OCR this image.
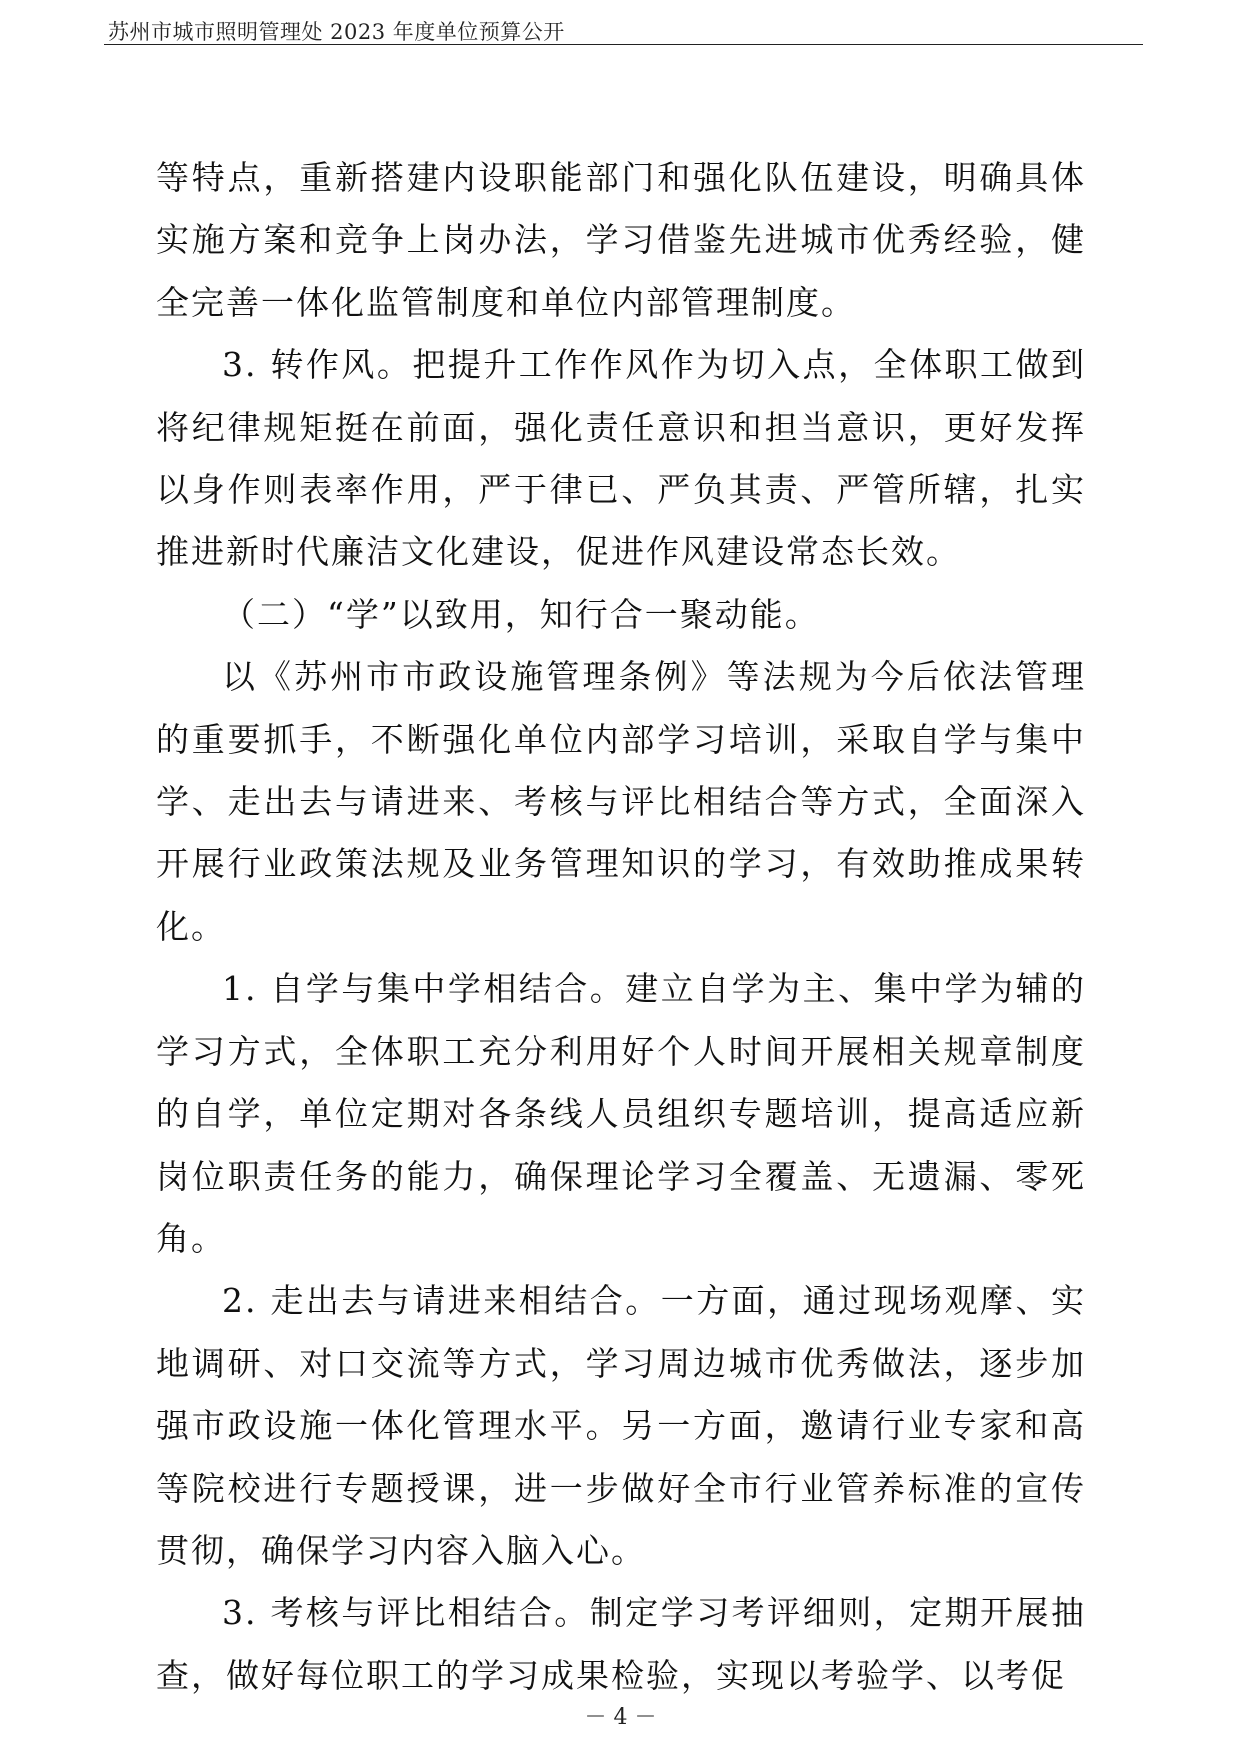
苏州市城市照明管理处 2023 年度单位预算公开

等特点，重新搭建内设职能部门和强化队伍建设，明确具体实施方案和竞争上岗办法，学习借鉴先进城市优秀经验，健全完善一体化监管制度和单位内部管理制度。

3. 转作风。把提升工作作风作为切入点，全体职工做到将纪律规矩挺在前面，强化责任意识和担当意识，更好发挥以身作则表率作用，严于律已、严负其责、严管所辖，扎实推进新时代廉洁文化建设，促进作风建设常态长效。

（二）“学”以致用，知行合一聚动能。

以《苏州市市政设施管理条例》等法规为今后依法管理的重要抓手，不断强化单位内部学习培训，采取自学与集中学、走出去与请进来、考核与评比相结合等方式，全面深入开展行业政策法规及业务管理知识的学习，有效助推成果转化。

1. 自学与集中学相结合。建立自学为主、集中学为辅的学习方式，全体职工充分利用好个人时间开展相关规章制度的自学，单位定期对各条线人员组织专题培训，提高适应新岗位职责任务的能力，确保理论学习全覆盖、无遗漏、零死角。

2. 走出去与请进来相结合。一方面，通过现场观摩、实地调研、对口交流等方式，学习周边城市优秀做法，逐步加强市政设施一体化管理水平。另一方面，邀请行业专家和高等院校进行专题授课，进一步做好全市行业管养标准的宣传贯彻，确保学习内容入脑入心。

3. 考核与评比相结合。制定学习考评细则，定期开展抽查，做好每位职工的学习成果检验，实现以考验学、以考促

－ 4 －
